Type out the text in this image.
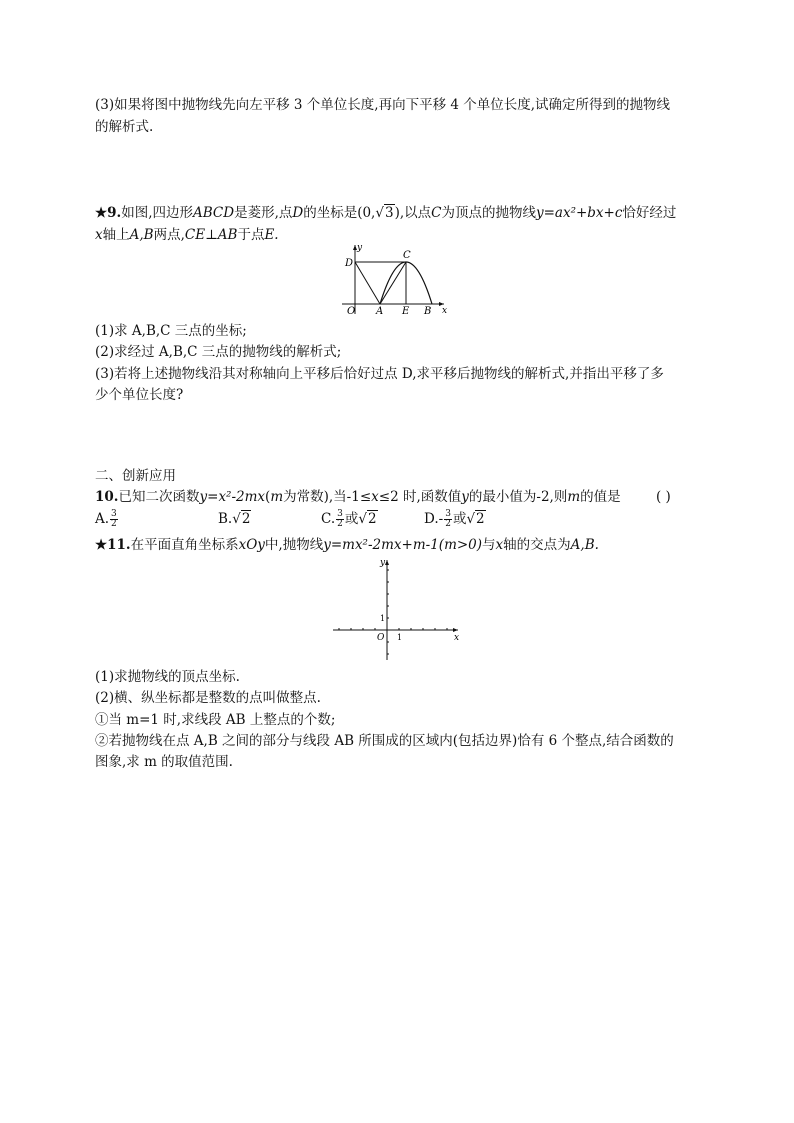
(3)如果将图中抛物线先向左平移 3 个单位长度,再向下平移 4 个单位长度,试确定所得到的抛物线
的解析式.
★9.如图,四边形ABCD是菱形,点D的坐标是(0,√3),以点C为顶点的抛物线y=ax²+bx+c恰好经过
x轴上A,B两点,CE⊥AB于点E.
y
x
D
C
O A E B
(1)求 A,B,C 三点的坐标;
(2)求经过 A,B,C 三点的抛物线的解析式;
(3)若将上述抛物线沿其对称轴向上平移后恰好过点 D,求平移后抛物线的解析式,并指出平移了多
少个单位长度?
二、创新应用
10.已知二次函数y=x²-2mx(m为常数),当-1≤x≤2 时,函数值y的最小值为-2,则m的值是	( )
A. $\frac{3}{2}$	B.√2	C. $\frac{3}{2}$ 或√2	$D.- \frac{3}{2}$ 或√2
★11.在平面直角坐标系xOy中,抛物线y=mx²-2mx+m-1(m>0)与x轴的交点为A,B.
y
x
O 1
1
(1)求抛物线的顶点坐标.
(2)横、纵坐标都是整数的点叫做整点.
①当 m=1 时,求线段 AB 上整点的个数;
②若抛物线在点 A,B 之间的部分与线段 AB 所围成的区域内(包括边界)恰有 6 个整点,结合函数的
图象,求 m 的取值范围.
